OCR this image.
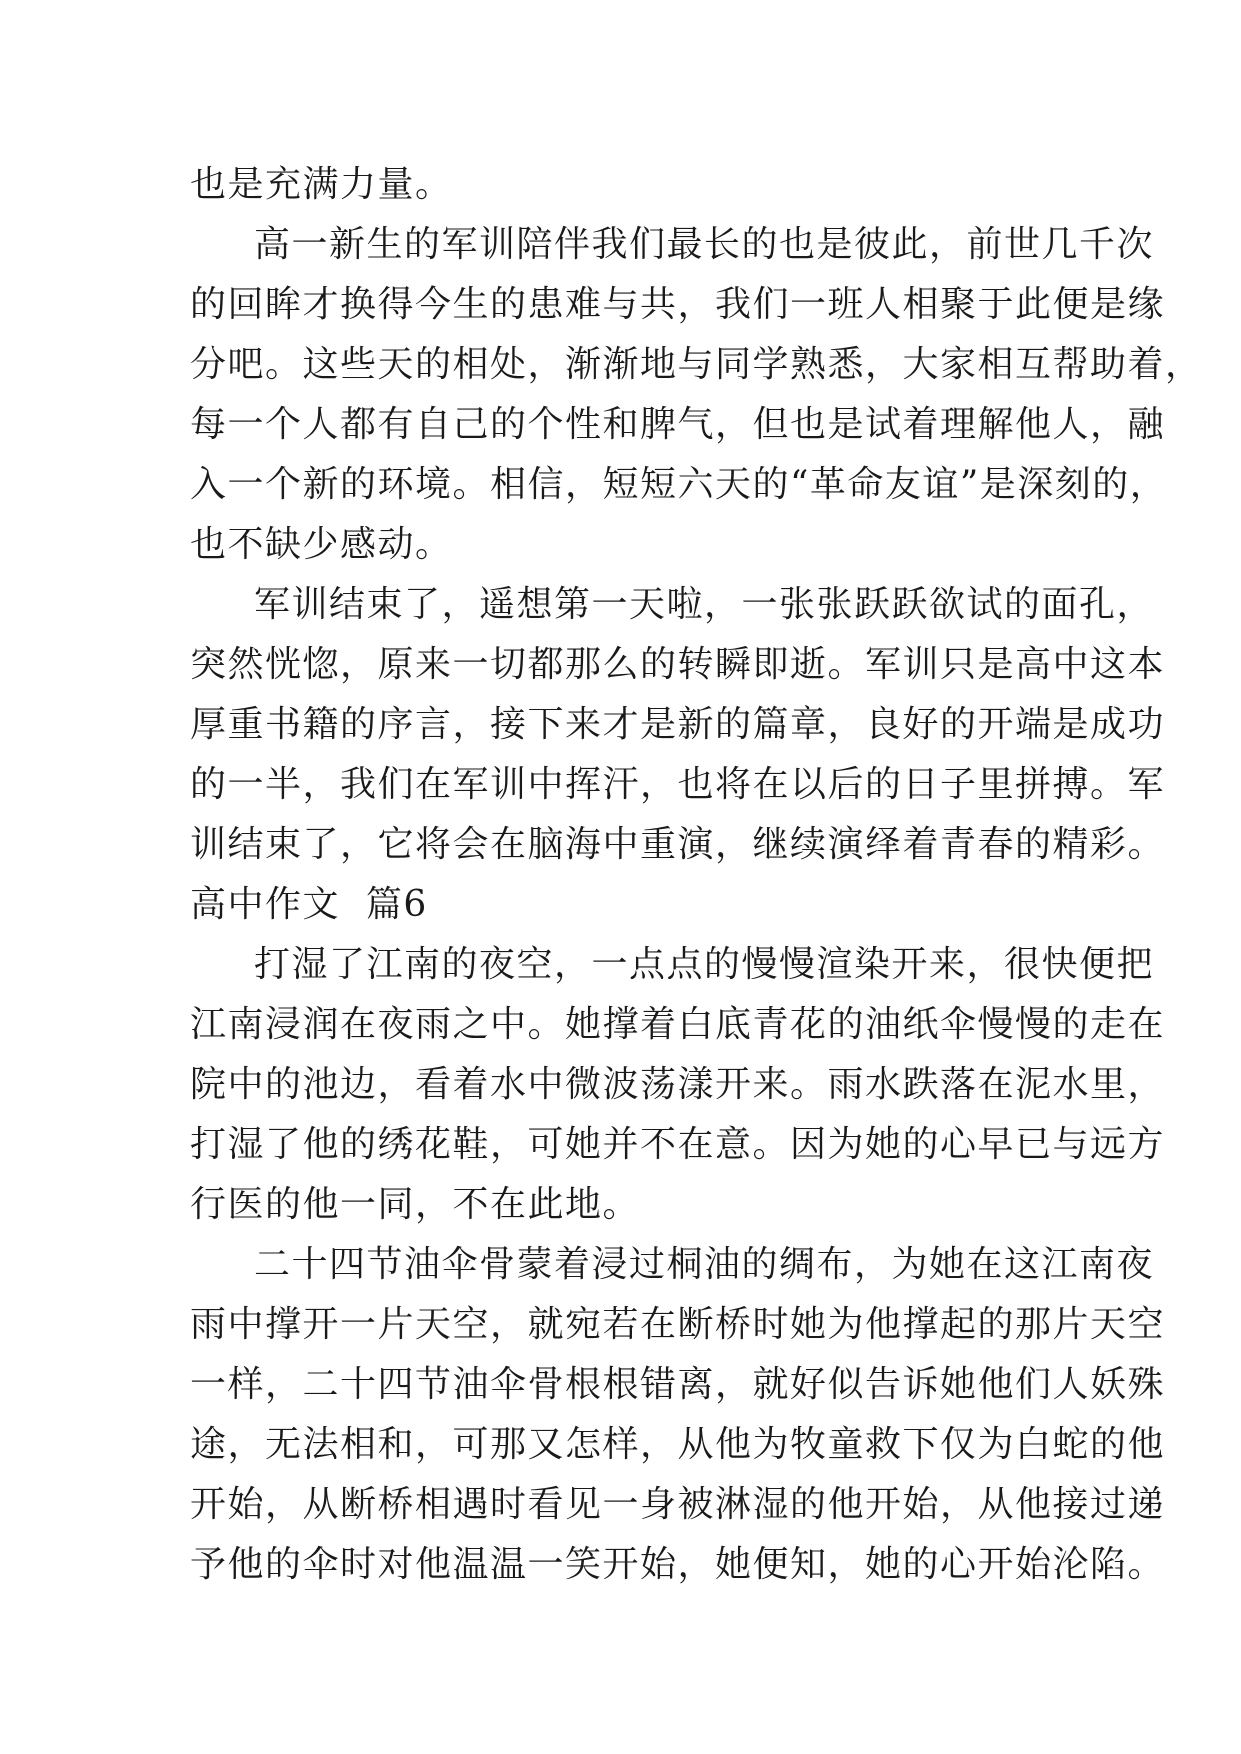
也是充满力量。
高一新生的军训陪伴我们最长的也是彼此，前世几千次
的回眸才换得今生的患难与共，我们一班人相聚于此便是缘
分吧。这些天的相处，渐渐地与同学熟悉，大家相互帮助着，
每一个人都有自己的个性和脾气，但也是试着理解他人，融
入一个新的环境。相信，短短六天的“革命友谊”是深刻的，
也不缺少感动。
军训结束了，遥想第一天啦，一张张跃跃欲试的面孔，
突然恍惚，原来一切都那么的转瞬即逝。军训只是高中这本
厚重书籍的序言，接下来才是新的篇章，良好的开端是成功
的一半，我们在军训中挥汗，也将在以后的日子里拼搏。军
训结束了，它将会在脑海中重演，继续演绎着青春的精彩。
高中作文  篇6
打湿了江南的夜空，一点点的慢慢渲染开来，很快便把
江南浸润在夜雨之中。她撑着白底青花的油纸伞慢慢的走在
院中的池边，看着水中微波荡漾开来。雨水跌落在泥水里，
打湿了他的绣花鞋，可她并不在意。因为她的心早已与远方
行医的他一同，不在此地。
二十四节油伞骨蒙着浸过桐油的绸布，为她在这江南夜
雨中撑开一片天空，就宛若在断桥时她为他撑起的那片天空
一样，二十四节油伞骨根根错离，就好似告诉她他们人妖殊
途，无法相和，可那又怎样，从他为牧童救下仅为白蛇的他
开始，从断桥相遇时看见一身被淋湿的他开始，从他接过递
予他的伞时对他温温一笑开始，她便知，她的心开始沦陷。
